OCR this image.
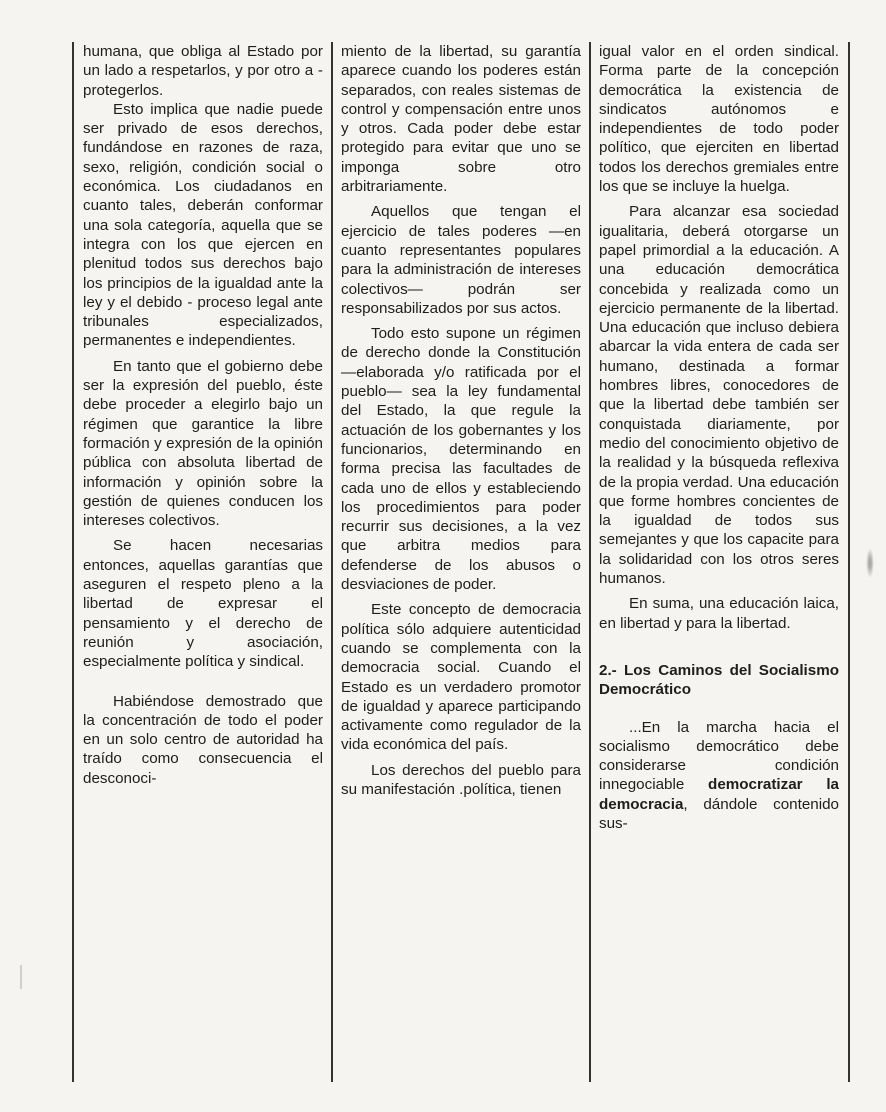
humana, que obliga al Estado por un lado a respetarlos, y por otro a - protegerlos.

Esto implica que nadie puede ser privado de esos derechos, fundándose en razones de raza, sexo, religión, condición social o económica. Los ciudadanos en cuanto tales, deberán conformar una sola categoría, aquella que se integra con los que ejercen en plenitud todos sus derechos bajo los principios de la igualdad ante la ley y el debido - proceso legal ante tribunales especializados, permanentes e independientes.

En tanto que el gobierno debe ser la expresión del pueblo, éste debe proceder a elegirlo bajo un régimen que garantice la libre formación y expresión de la opinión pública con absoluta libertad de información y opinión sobre la gestión de quienes conducen los intereses colectivos.

Se hacen necesarias entonces, aquellas garantías que aseguren el respeto pleno a la libertad de expresar el pensamiento y el derecho de reunión y asociación, especialmente política y sindical.

Habiéndose demostrado que la concentración de todo el poder en un solo centro de autoridad ha traído como consecuencia el desconoci-

miento de la libertad, su garantía aparece cuando los poderes están separados, con reales sistemas de control y compensación entre unos y otros. Cada poder debe estar protegido para evitar que uno se imponga sobre otro arbitrariamente.

Aquellos que tengan el ejercicio de tales poderes —en cuanto representantes populares para la administración de intereses colectivos— podrán ser responsabilizados por sus actos.

Todo esto supone un régimen de derecho donde la Constitución —elaborada y/o ratificada por el pueblo— sea la ley fundamental del Estado, la que regule la actuación de los gobernantes y los funcionarios, determinando en forma precisa las facultades de cada uno de ellos y estableciendo los procedimientos para poder recurrir sus decisiones, a la vez que arbitra medios para defenderse de los abusos o desviaciones de poder.

Este concepto de democracia política sólo adquiere autenticidad cuando se complementa con la democracia social. Cuando el Estado es un verdadero promotor de igualdad y aparece participando activamente como regulador de la vida económica del país.

Los derechos del pueblo para su manifestación .política, tienen

igual valor en el orden sindical. Forma parte de la concepción democrática la existencia de sindicatos autónomos e independientes de todo poder político, que ejerciten en libertad todos los derechos gremiales entre los que se incluye la huelga.

Para alcanzar esa sociedad igualitaria, deberá otorgarse un papel primordial a la educación. A una educación democrática concebida y realizada como un ejercicio permanente de la libertad. Una educación que incluso debiera abarcar la vida entera de cada ser humano, destinada a formar hombres libres, conocedores de que la libertad debe también ser conquistada diariamente, por medio del conocimiento objetivo de la realidad y la búsqueda reflexiva de la propia verdad. Una educación que forme hombres concientes de la igualdad de todos sus semejantes y que los capacite para la solidaridad con los otros seres humanos.

En suma, una educación laica, en libertad y para la libertad.

2.- Los Caminos del Socialismo Democrático

...En la marcha hacia el socialismo democrático debe considerarse condición innegociable democratizar la democracia, dándole contenido sus-
